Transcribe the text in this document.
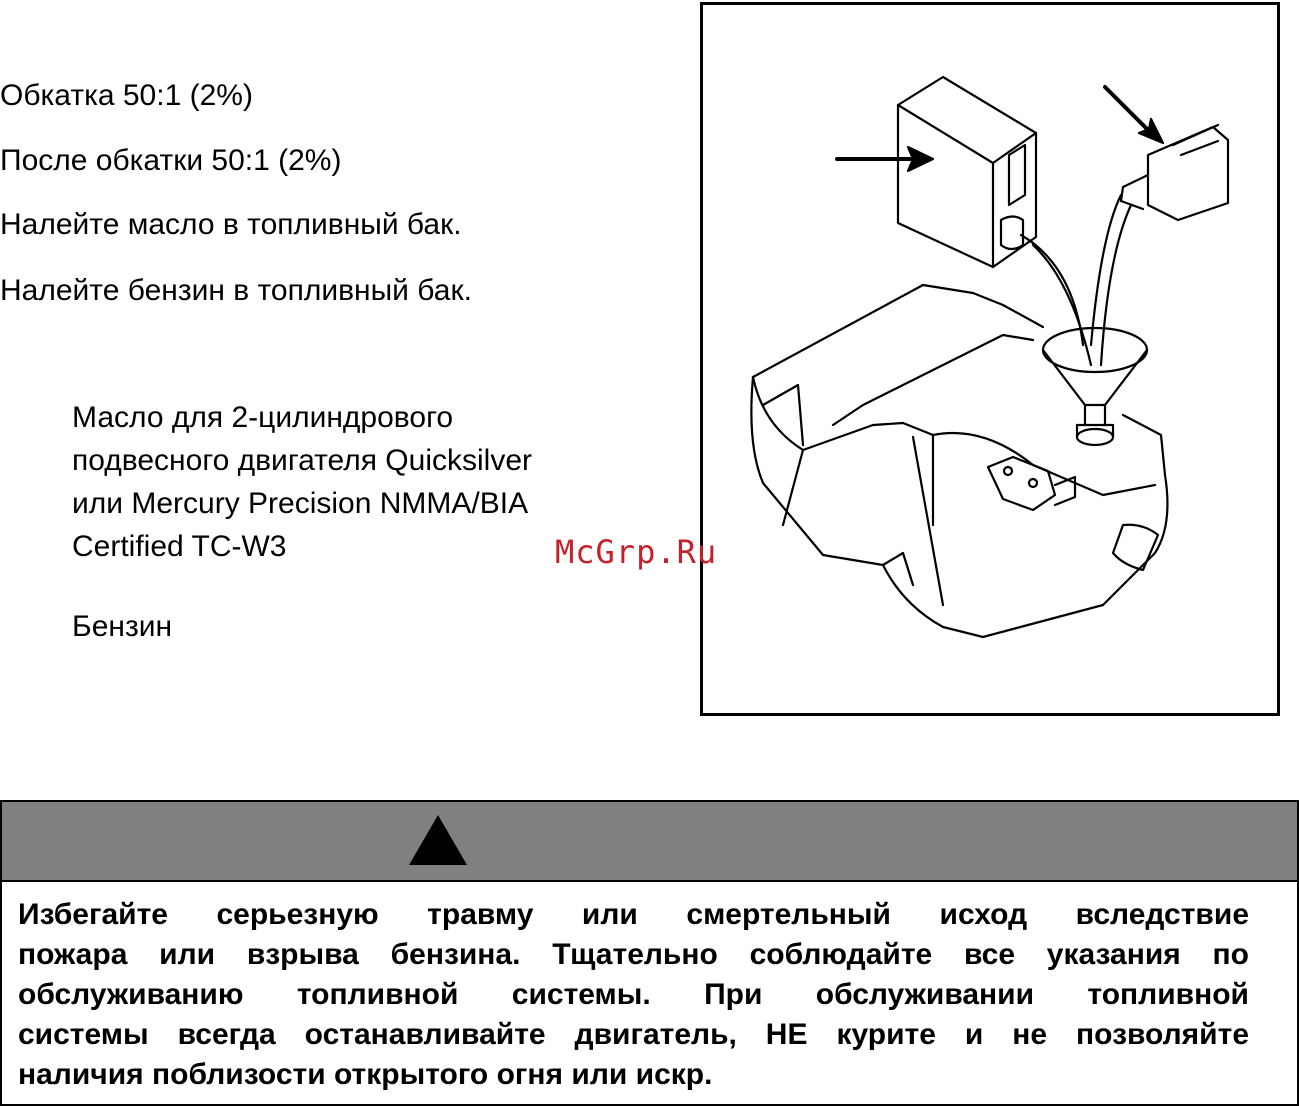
Обкатка 50:1 (2%)
После обкатки 50:1 (2%)
Налейте масло в топливный бак.
Налейте бензин в топливный бак.
Масло для 2-цилиндрового
подвесного двигателя Quicksilver
или Mercury Precision NMMA/BIA
Certified TC-W3
Бензин
McGrp.Ru
Избегайте серьезную травму или смертельный исход вследствие
пожара или взрыва бензина. Тщательно соблюдайте все указания по
обслуживанию топливной системы. При обслуживании топливной
системы всегда останавливайте двигатель, НЕ курите и не позволяйте
наличия поблизости открытого огня или искр.
